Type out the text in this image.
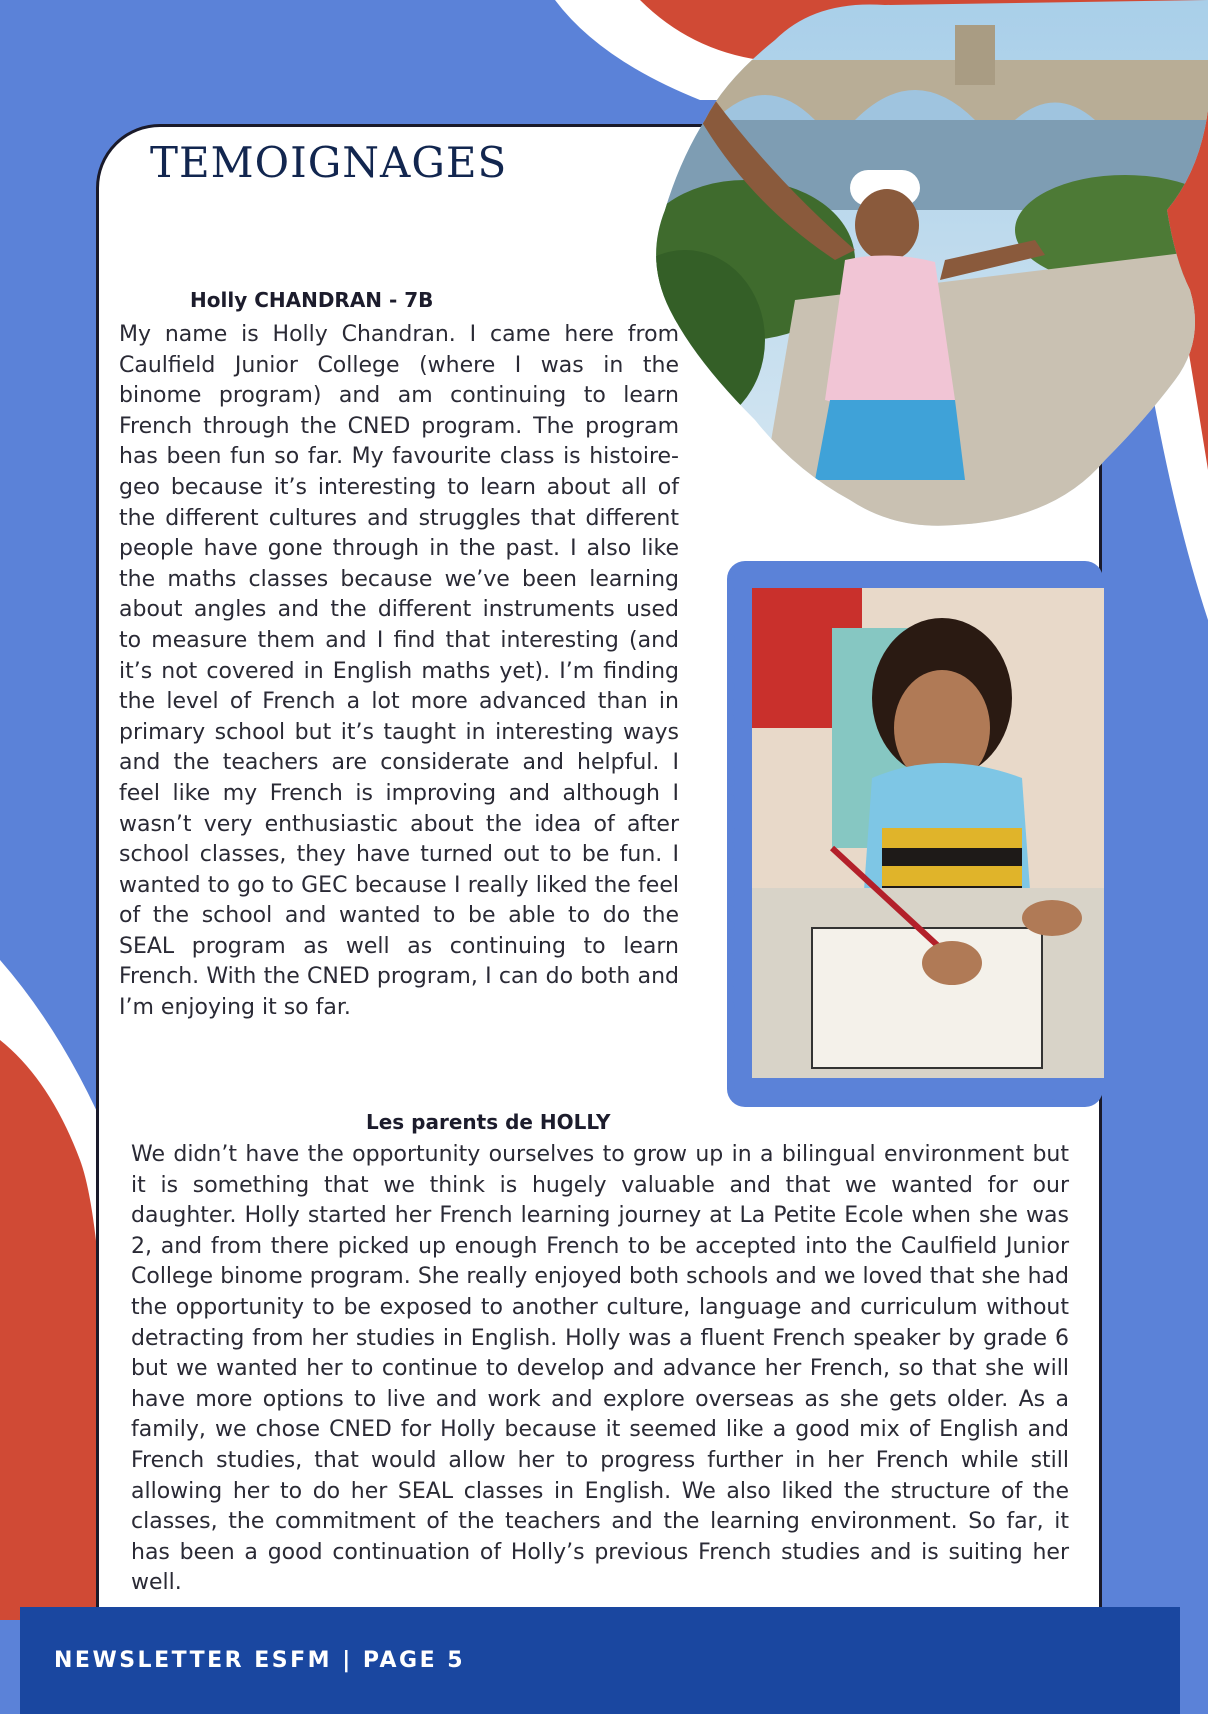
TEMOIGNAGES
Holly CHANDRAN - 7B

My name is Holly Chandran. I came here from Caulfield Junior College (where I was in the binome program) and am continuing to learn French through the CNED program. The program has been fun so far. My favourite class is histoire-geo because it’s interesting to learn about all of the different cultures and struggles that different people have gone through in the past. I also like the maths classes because we’ve been learning about angles and the different instruments used to measure them and I find that interesting (and it’s not covered in English maths yet). I’m finding the level of French a lot more advanced than in primary school but it’s taught in interesting ways and the teachers are considerate and helpful. I feel like my French is improving and although I wasn’t very enthusiastic about the idea of after school classes, they have turned out to be fun. I wanted to go to GEC because I really liked the feel of the school and wanted to be able to do the SEAL program as well as continuing to learn French. With the CNED program, I can do both and I’m enjoying it so far.

Les parents de HOLLY

We didn’t have the opportunity ourselves to grow up in a bilingual environment but it is something that we think is hugely valuable and that we wanted for our daughter. Holly started her French learning journey at La Petite Ecole when she was 2, and from there picked up enough French to be accepted into the Caulfield Junior College binome program. She really enjoyed both schools and we loved that she had the opportunity to be exposed to another culture, language and curriculum without detracting from her studies in English. Holly was a fluent French speaker by grade 6 but we wanted her to continue to develop and advance her French, so that she will have more options to live and work and explore overseas as she gets older. As a family, we chose CNED for Holly because it seemed like a good mix of English and French studies, that would allow her to progress further in her French while still allowing her to do her SEAL classes in English. We also liked the structure of the classes, the commitment of the teachers and the learning environment. So far, it has been a good continuation of Holly’s previous French studies and is suiting her well.

NEWSLETTER ESFM | PAGE 5
